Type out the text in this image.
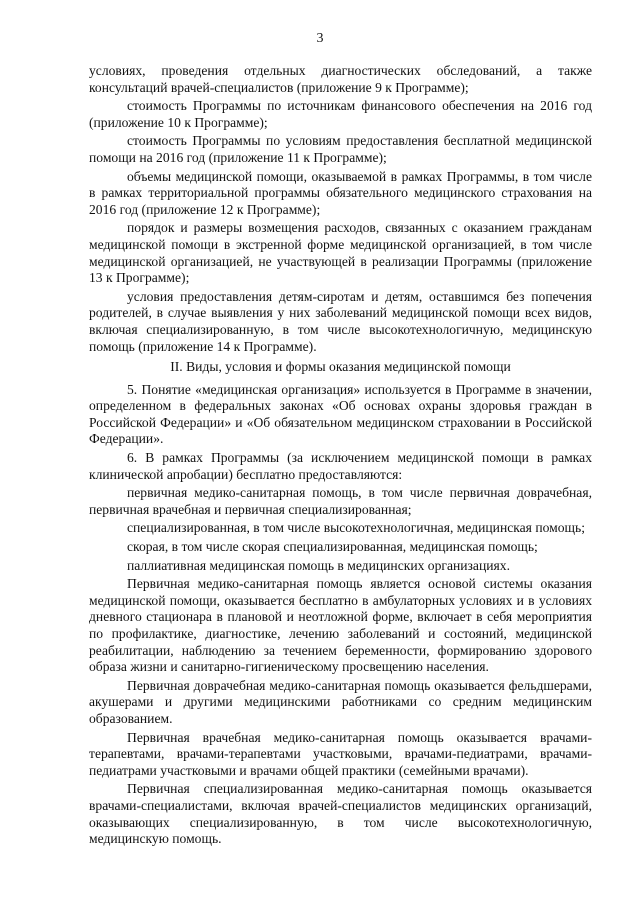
3

условиях, проведения отдельных диагностических обследований, а также консультаций врачей-специалистов (приложение 9 к Программе);

стоимость Программы по источникам финансового обеспечения на 2016 год (приложение 10 к Программе);

стоимость Программы по условиям предоставления бесплатной медицинской помощи на 2016 год (приложение 11 к Программе);

объемы медицинской помощи, оказываемой в рамках Программы, в том числе в рамках территориальной программы обязательного медицинского страхования на 2016 год (приложение 12 к Программе);

порядок и размеры возмещения расходов, связанных с оказанием гражданам медицинской помощи в экстренной форме медицинской организацией, в том числе медицинской организацией, не участвующей в реализации Программы (приложение 13 к Программе);

условия предоставления детям-сиротам и детям, оставшимся без попечения родителей, в случае выявления у них заболеваний медицинской помощи всех видов, включая специализированную, в том числе высокотехнологичную, медицинскую помощь (приложение 14 к Программе).

II. Виды, условия и формы оказания медицинской помощи

5. Понятие «медицинская организация» используется в Программе в значении, определенном в федеральных законах «Об основах охраны здоровья граждан в Российской Федерации» и «Об обязательном медицинском страховании в Российской Федерации».

6. В рамках Программы (за исключением медицинской помощи в рамках клинической апробации) бесплатно предоставляются:

первичная медико-санитарная помощь, в том числе первичная доврачебная, первичная врачебная и первичная специализированная;

специализированная, в том числе высокотехнологичная, медицинская помощь;

скорая, в том числе скорая специализированная, медицинская помощь;

паллиативная медицинская помощь в медицинских организациях.

Первичная медико-санитарная помощь является основой системы оказания медицинской помощи, оказывается бесплатно в амбулаторных условиях и в условиях дневного стационара в плановой и неотложной форме, включает в себя мероприятия по профилактике, диагностике, лечению заболеваний и состояний, медицинской реабилитации, наблюдению за течением беременности, формированию здорового образа жизни и санитарно-гигиеническому просвещению населения.

Первичная доврачебная медико-санитарная помощь оказывается фельдшерами, акушерами и другими медицинскими работниками со средним медицинским образованием.

Первичная врачебная медико-санитарная помощь оказывается врачами-терапевтами, врачами-терапевтами участковыми, врачами-педиатрами, врачами-педиатрами участковыми и врачами общей практики (семейными врачами).

Первичная специализированная медико-санитарная помощь оказывается врачами-специалистами, включая врачей-специалистов медицинских организаций, оказывающих специализированную, в том числе высокотехнологичную, медицинскую помощь.
